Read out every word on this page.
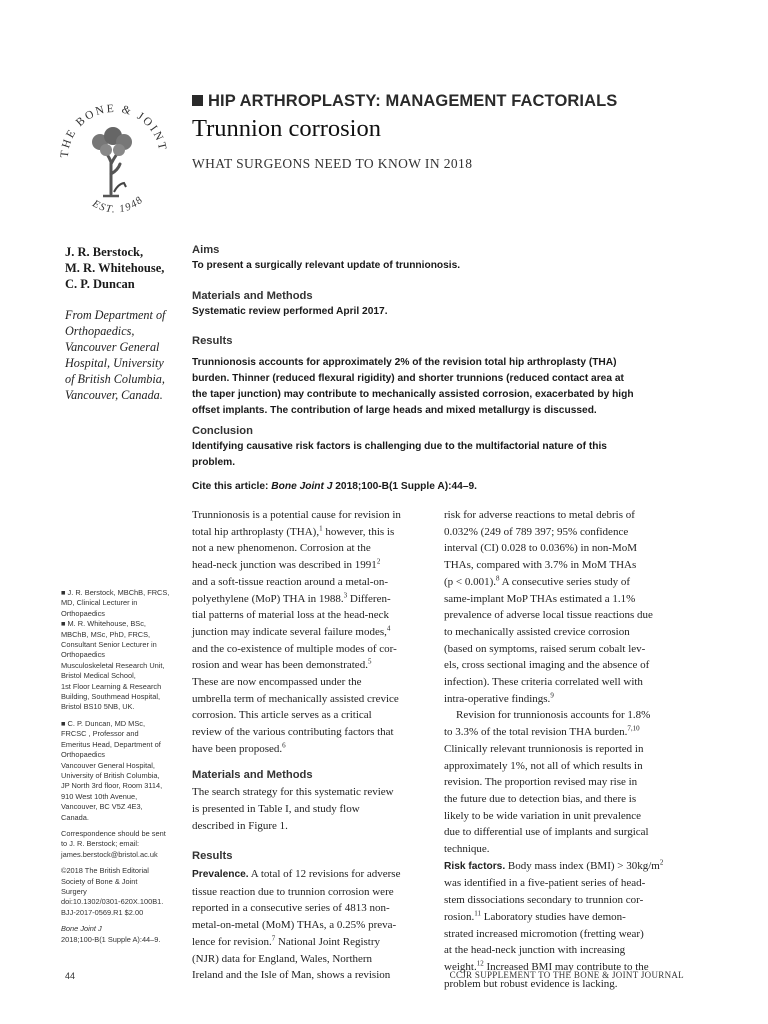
THE BONE & JOINT
EST. 1948
HIP ARTHROPLASTY: MANAGEMENT FACTORIALS
Trunnion corrosion
WHAT SURGEONS NEED TO KNOW IN 2018
J. R. Berstock,
M. R. Whitehouse,
C. P. Duncan
From Department of
Orthopaedics,
Vancouver General
Hospital, University
of British Columbia,
Vancouver, Canada.
■ J. R. Berstock, MBChB, FRCS,
MD, Clinical Lecturer in
Orthopaedics
■ M. R. Whitehouse, BSc,
MBChB, MSc, PhD, FRCS,
Consultant Senior Lecturer in
Orthopaedics
Musculoskeletal Research Unit,
Bristol Medical School,
1st Floor Learning & Research
Building, Southmead Hospital,
Bristol BS10 5NB, UK.
■ C. P. Duncan, MD MSc,
FRCSC , Professor and
Emeritus Head, Department of
Orthopaedics
Vancouver General Hospital,
University of British Columbia,
JP North 3rd floor, Room 3114,
910 West 10th Avenue,
Vancouver, BC V5Z 4E3,
Canada.
Correspondence should be sent
to J. R. Berstock; email:
james.berstock@bristol.ac.uk
©2018 The British Editorial
Society of Bone & Joint
Surgery
doi:10.1302/0301-620X.100B1.
BJJ-2017-0569.R1 $2.00
Bone Joint J
2018;100-B(1 Supple A):44–9.
Aims
To present a surgically relevant update of trunnionosis.
Materials and Methods
Systematic review performed April 2017.
Results
Trunnionosis accounts for approximately 2% of the revision total hip arthroplasty (THA)
burden. Thinner (reduced flexural rigidity) and shorter trunnions (reduced contact area at
the taper junction) may contribute to mechanically assisted corrosion, exacerbated by high
offset implants. The contribution of large heads and mixed metallurgy is discussed.
Conclusion
Identifying causative risk factors is challenging due to the multifactorial nature of this
problem.
Cite this article: Bone Joint J 2018;100-B(1 Supple A):44–9.
Trunnionosis is a potential cause for revision in
total hip arthroplasty (THA),$^1$ however, this is
not a new phenomenon. Corrosion at the
head-neck junction was described in 1991$^2$
and a soft-tissue reaction around a metal-on-
polyethylene (MoP) THA in 1988.$^3$ Differen-
tial patterns of material loss at the head-neck
junction may indicate several failure modes,$^4$
and the co-existence of multiple modes of cor-
rosion and wear has been demonstrated.$^5$
These are now encompassed under the
umbrella term of mechanically assisted crevice
corrosion. This article serves as a critical
review of the various contributing factors that
have been proposed.$^6$
Materials and Methods
The search strategy for this systematic review
is presented in Table I, and study flow
described in Figure 1.
Results
Prevalence. A total of 12 revisions for adverse
tissue reaction due to trunnion corrosion were
reported in a consecutive series of 4813 non-
metal-on-metal (MoM) THAs, a 0.25% preva-
lence for revision.$^7$ National Joint Registry
(NJR) data for England, Wales, Northern
Ireland and the Isle of Man, shows a revision
risk for adverse reactions to metal debris of
0.032% (249 of 789 397; 95% confidence
interval (CI) 0.028 to 0.036%) in non-MoM
THAs, compared with 3.7% in MoM THAs
(p < 0.001).$^8$ A consecutive series study of
same-implant MoP THAs estimated a 1.1%
prevalence of adverse local tissue reactions due
to mechanically assisted crevice corrosion
(based on symptoms, raised serum cobalt lev-
els, cross sectional imaging and the absence of
infection). These criteria correlated well with
intra-operative findings.$^9$
Revision for trunnionosis accounts for 1.8%
to 3.3% of the total revision THA burden.$^{7,10}$
Clinically relevant trunnionosis is reported in
approximately 1%, not all of which results in
revision. The proportion revised may rise in
the future due to detection bias, and there is
likely to be wide variation in unit prevalence
due to differential use of implants and surgical
technique.
Risk factors. Body mass index $(BMI) > 30kg/m^2$
was identified in a five-patient series of head-
stem dissociations secondary to trunnion cor-
rosion.$^{11}$ Laboratory studies have demon-
strated increased micromotion (fretting wear)
at the head-neck junction with increasing
weight.$^{12}$ Increased BMI may contribute to the
problem but robust evidence is lacking.
44	CCJR SUPPLEMENT TO THE BONE & JOINT JOURNAL
